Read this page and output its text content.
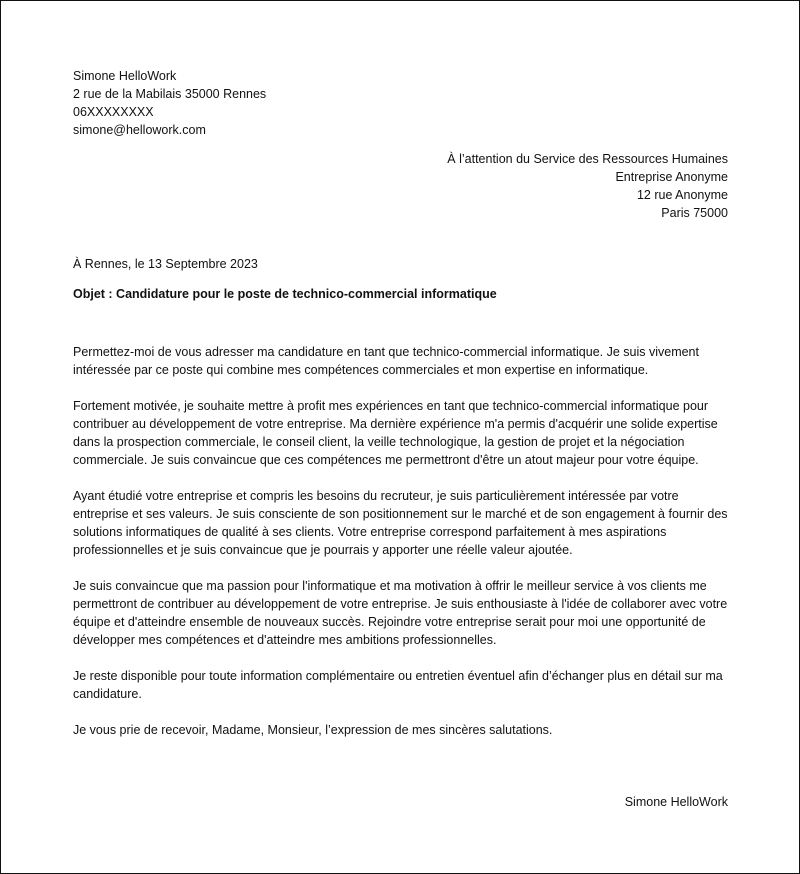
Simone HelloWork
2 rue de la Mabilais 35000 Rennes
06XXXXXXXX
simone@hellowork.com
À l’attention du Service des Ressources Humaines
Entreprise Anonyme
12 rue Anonyme
Paris 75000
À Rennes, le 13 Septembre 2023
Objet : Candidature pour le poste de technico-commercial informatique

Permettez-moi de vous adresser ma candidature en tant que technico-commercial informatique. Je suis vivement intéressée par ce poste qui combine mes compétences commerciales et mon expertise en informatique.

Fortement motivée, je souhaite mettre à profit mes expériences en tant que technico-commercial informatique pour contribuer au développement de votre entreprise. Ma dernière expérience m'a permis d'acquérir une solide expertise dans la prospection commerciale, le conseil client, la veille technologique, la gestion de projet et la négociation commerciale. Je suis convaincue que ces compétences me permettront d'être un atout majeur pour votre équipe.

Ayant étudié votre entreprise et compris les besoins du recruteur, je suis particulièrement intéressée par votre entreprise et ses valeurs. Je suis consciente de son positionnement sur le marché et de son engagement à fournir des solutions informatiques de qualité à ses clients. Votre entreprise correspond parfaitement à mes aspirations professionnelles et je suis convaincue que je pourrais y apporter une réelle valeur ajoutée.

Je suis convaincue que ma passion pour l'informatique et ma motivation à offrir le meilleur service à vos clients me permettront de contribuer au développement de votre entreprise. Je suis enthousiaste à l'idée de collaborer avec votre équipe et d'atteindre ensemble de nouveaux succès. Rejoindre votre entreprise serait pour moi une opportunité de développer mes compétences et d'atteindre mes ambitions professionnelles.

Je reste disponible pour toute information complémentaire ou entretien éventuel afin d’échanger plus en détail sur ma candidature.

Je vous prie de recevoir, Madame, Monsieur, l’expression de mes sincères salutations.

Simone HelloWork
